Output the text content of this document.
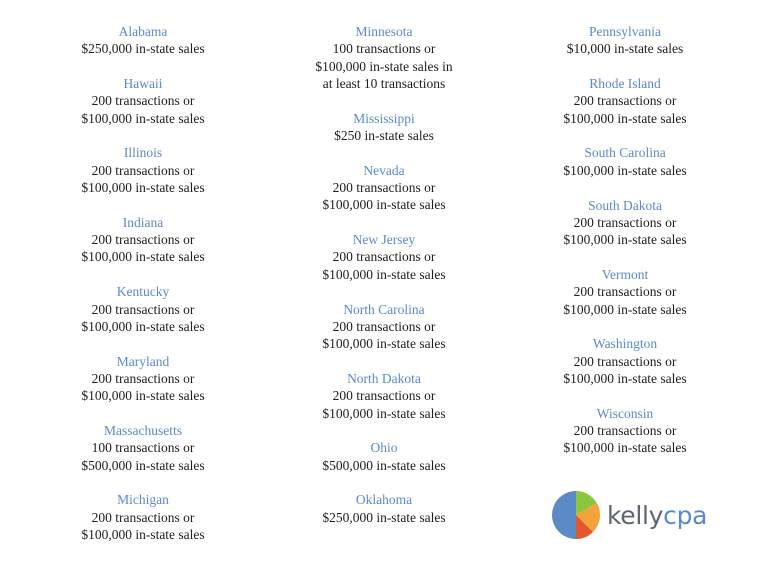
Alabama
$250,000 in-state sales
Hawaii
200 transactions or
$100,000 in-state sales
Illinois
200 transactions or
$100,000 in-state sales
Indiana
200 transactions or
$100,000 in-state sales
Kentucky
200 transactions or
$100,000 in-state sales
Maryland
200 transactions or
$100,000 in-state sales
Massachusetts
100 transactions or
$500,000 in-state sales
Michigan
200 transactions or
$100,000 in-state sales
Minnesota
100 transactions or
$100,000 in-state sales in
at least 10 transactions
Mississippi
$250 in-state sales
Nevada
200 transactions or
$100,000 in-state sales
New Jersey
200 transactions or
$100,000 in-state sales
North Carolina
200 transactions or
$100,000 in-state sales
North Dakota
200 transactions or
$100,000 in-state sales
Ohio
$500,000 in-state sales
Oklahoma
$250,000 in-state sales
Pennsylvania
$10,000 in-state sales
Rhode Island
200 transactions or
$100,000 in-state sales
South Carolina
$100,000 in-state sales
South Dakota
200 transactions or
$100,000 in-state sales
Vermont
200 transactions or
$100,000 in-state sales
Washington
200 transactions or
$100,000 in-state sales
Wisconsin
200 transactions or
$100,000 in-state sales
kellycpa
